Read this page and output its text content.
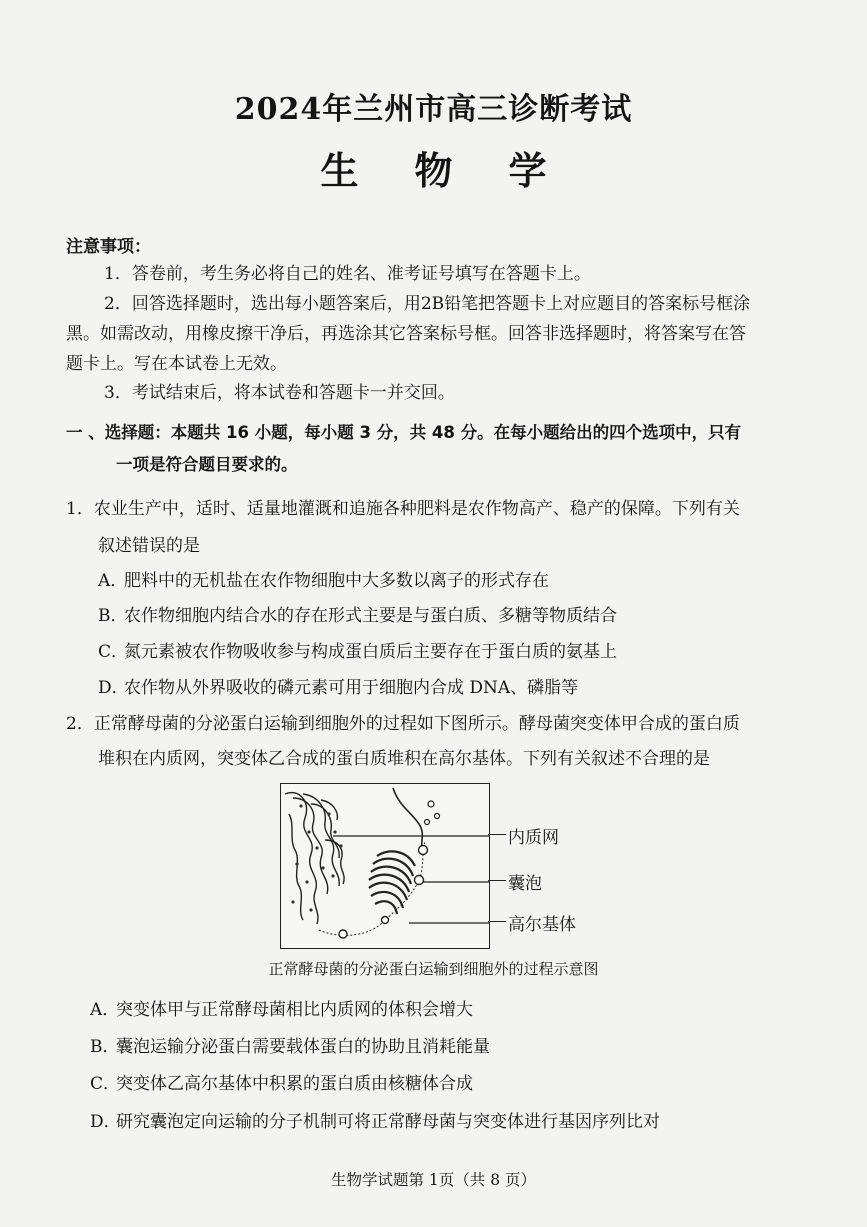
2024年兰州市高三诊断考试
生 物 学
注意事项：
1．答卷前，考生务必将自己的姓名、准考证号填写在答题卡上。
2．回答选择题时，选出每小题答案后，用2B铅笔把答题卡上对应题目的答案标号框涂
黑。如需改动，用橡皮擦干净后，再选涂其它答案标号框。回答非选择题时，将答案写在答
题卡上。写在本试卷上无效。
3．考试结束后，将本试卷和答题卡一并交回。
一 、选择题：本题共 16 小题，每小题 3 分，共 48 分。在每小题给出的四个选项中，只有
一项是符合题目要求的。
1．农业生产中，适时、适量地灌溉和追施各种肥料是农作物高产、稳产的保障。下列有关
叙述错误的是
A．肥料中的无机盐在农作物细胞中大多数以离子的形式存在
B．农作物细胞内结合水的存在形式主要是与蛋白质、多糖等物质结合
C．氮元素被农作物吸收参与构成蛋白质后主要存在于蛋白质的氨基上
D．农作物从外界吸收的磷元素可用于细胞内合成 DNA、磷脂等
2．正常酵母菌的分泌蛋白运输到细胞外的过程如下图所示。酵母菌突变体甲合成的蛋白质
堆积在内质网，突变体乙合成的蛋白质堆积在高尔基体。下列有关叙述不合理的是
内质网
囊泡
高尔基体
正常酵母菌的分泌蛋白运输到细胞外的过程示意图
A．突变体甲与正常酵母菌相比内质网的体积会增大
B．囊泡运输分泌蛋白需要载体蛋白的协助且消耗能量
C．突变体乙高尔基体中积累的蛋白质由核糖体合成
D．研究囊泡定向运输的分子机制可将正常酵母菌与突变体进行基因序列比对
生物学试题第 1页（共 8 页）
